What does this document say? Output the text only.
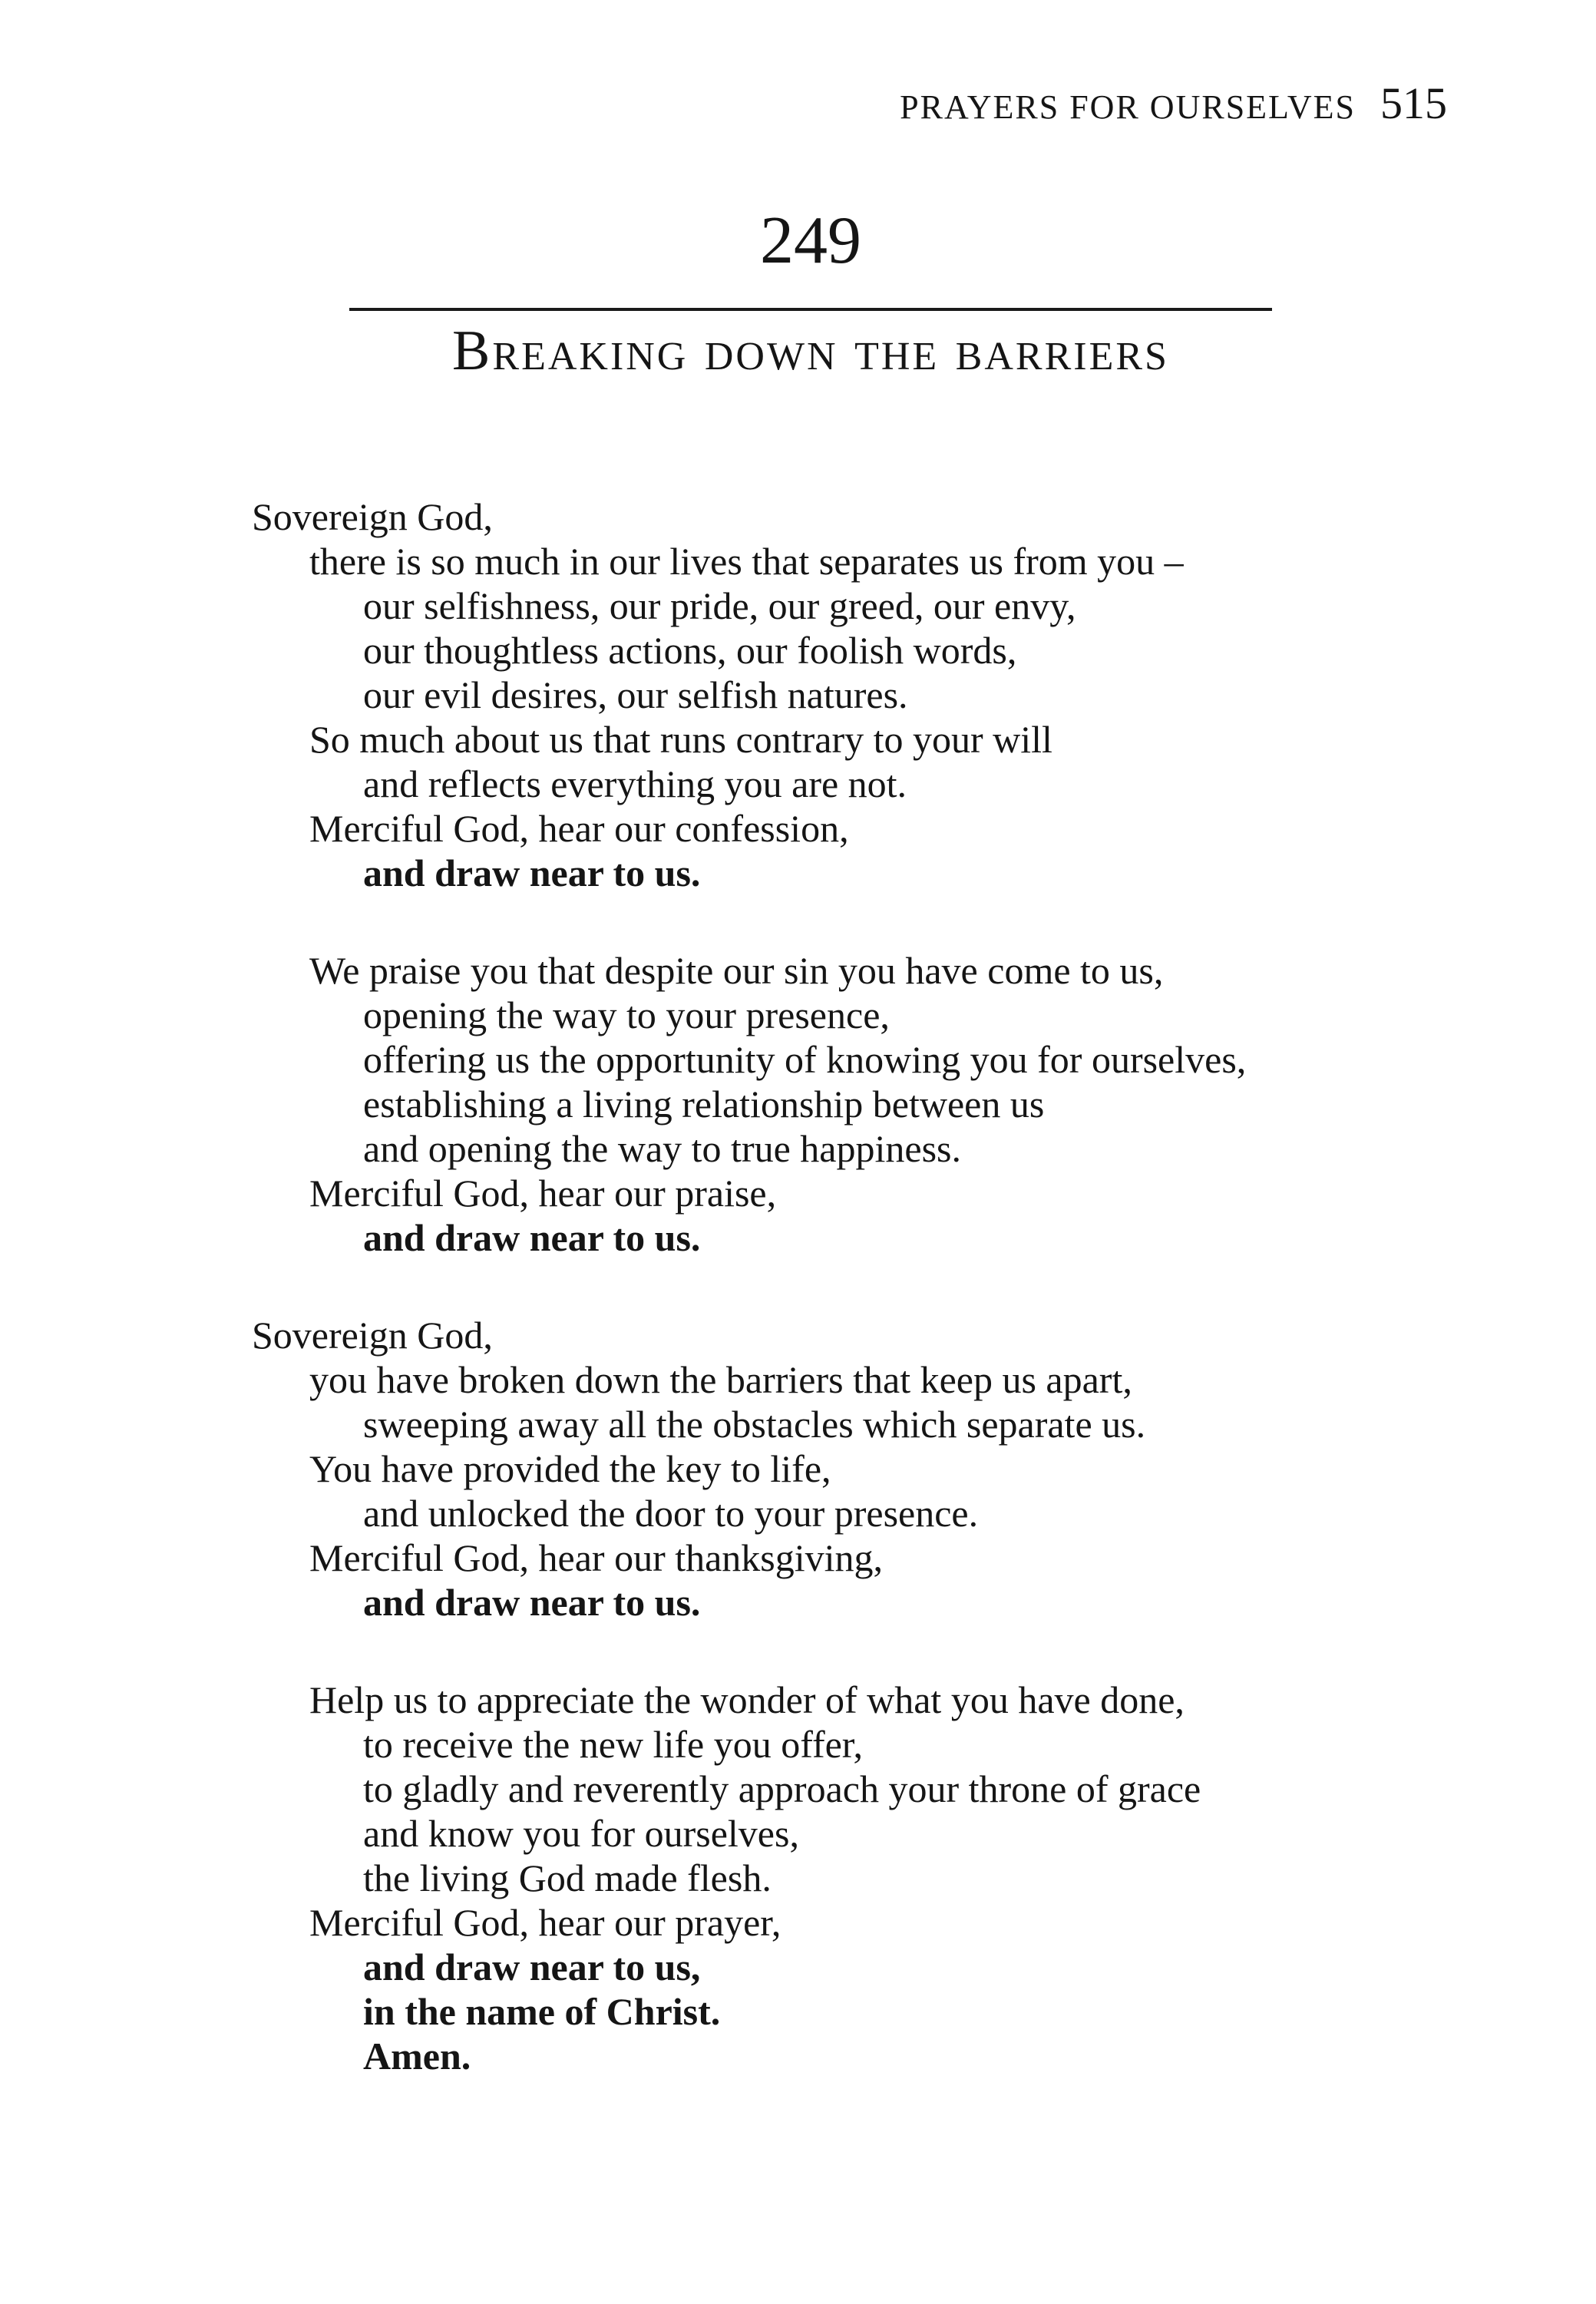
PRAYERS FOR OURSELVES 515
249
Breaking down the barriers
Sovereign God,
there is so much in our lives that separates us from you –
our selfishness, our pride, our greed, our envy,
our thoughtless actions, our foolish words,
our evil desires, our selfish natures.
So much about us that runs contrary to your will
and reflects everything you are not.
Merciful God, hear our confession,
and draw near to us.
We praise you that despite our sin you have come to us,
opening the way to your presence,
offering us the opportunity of knowing you for ourselves,
establishing a living relationship between us
and opening the way to true happiness.
Merciful God, hear our praise,
and draw near to us.
Sovereign God,
you have broken down the barriers that keep us apart,
sweeping away all the obstacles which separate us.
You have provided the key to life,
and unlocked the door to your presence.
Merciful God, hear our thanksgiving,
and draw near to us.
Help us to appreciate the wonder of what you have done,
to receive the new life you offer,
to gladly and reverently approach your throne of grace
and know you for ourselves,
the living God made flesh.
Merciful God, hear our prayer,
and draw near to us,
in the name of Christ.
Amen.
